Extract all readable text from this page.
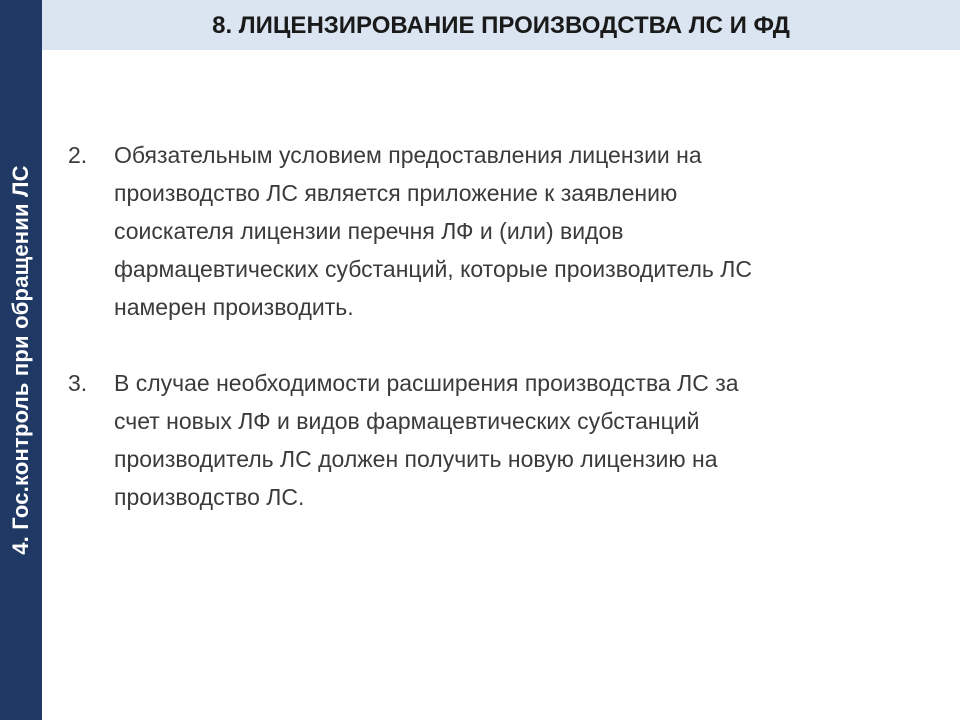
4. Гос.контроль при обращении ЛС
8. ЛИЦЕНЗИРОВАНИЕ ПРОИЗВОДСТВА ЛС И ФД
2.	Обязательным условием предоставления лицензии на
производство ЛС является приложение к заявлению
соискателя лицензии перечня ЛФ и (или) видов
фармацевтических субстанций, которые производитель ЛС
намерен производить.
3.	В случае необходимости расширения производства ЛС за
счет новых ЛФ и видов фармацевтических субстанций
производитель ЛС должен получить новую лицензию на
производство ЛС.
